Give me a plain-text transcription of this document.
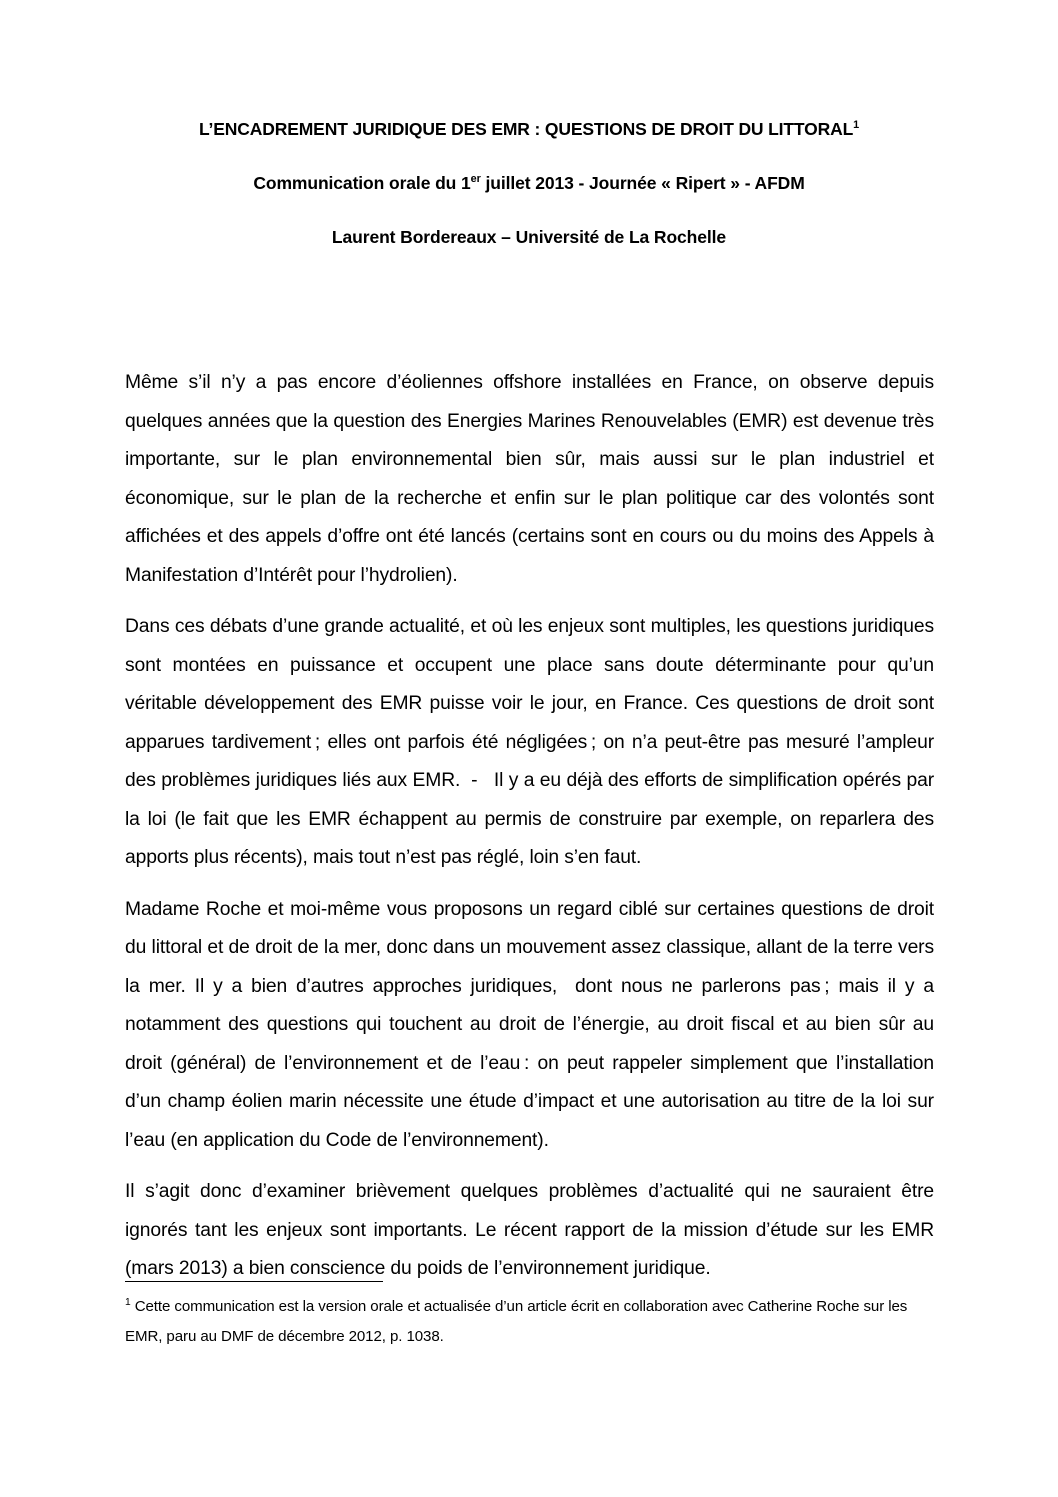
L’ENCADREMENT JURIDIQUE DES EMR : QUESTIONS DE DROIT DU LITTORAL$^1$
Communication orale du 1er juillet 2013 - Journée « Ripert » - AFDM
Laurent Bordereaux – Université de La Rochelle

Même s’il n’y a pas encore d’éoliennes offshore installées en France, on observe depuis quelques années que la question des Energies Marines Renouvelables (EMR) est devenue très importante, sur le plan environnemental bien sûr, mais aussi sur le plan industriel et économique, sur le plan de la recherche et enfin sur le plan politique car des volontés sont affichées et des appels d’offre ont été lancés (certains sont en cours ou du moins des Appels à Manifestation d’Intérêt pour l’hydrolien).

Dans ces débats d’une grande actualité, et où les enjeux sont multiples, les questions juridiques sont montées en puissance et occupent une place sans doute déterminante pour qu’un véritable développement des EMR puisse voir le jour, en France. Ces questions de droit sont apparues tardivement ; elles ont parfois été négligées ; on n’a peut-être pas mesuré l’ampleur des problèmes juridiques liés aux EMR.  -   Il y a eu déjà des efforts de simplification opérés par la loi (le fait que les EMR échappent au permis de construire par exemple, on reparlera des apports plus récents), mais tout n’est pas réglé, loin s’en faut.

Madame Roche et moi-même vous proposons un regard ciblé sur certaines questions de droit du littoral et de droit de la mer, donc dans un mouvement assez classique, allant de la terre vers la mer. Il y a bien d’autres approches juridiques,  dont nous ne parlerons pas ; mais il y a notamment des questions qui touchent au droit de l’énergie, au droit fiscal et au bien sûr au droit (général) de l’environnement et de l’eau : on peut rappeler simplement que l’installation d’un champ éolien marin nécessite une étude d’impact et une autorisation au titre de la loi sur l’eau (en application du Code de l’environnement).

Il s’agit donc d’examiner brièvement quelques problèmes d’actualité qui ne sauraient être ignorés tant les enjeux sont importants. Le récent rapport de la mission d’étude sur les EMR (mars 2013) a bien conscience du poids de l’environnement juridique.

$^1$ Cette communication est la version orale et actualisée d’un article écrit en collaboration avec Catherine Roche sur les EMR, paru au DMF de décembre 2012, p. 1038.
